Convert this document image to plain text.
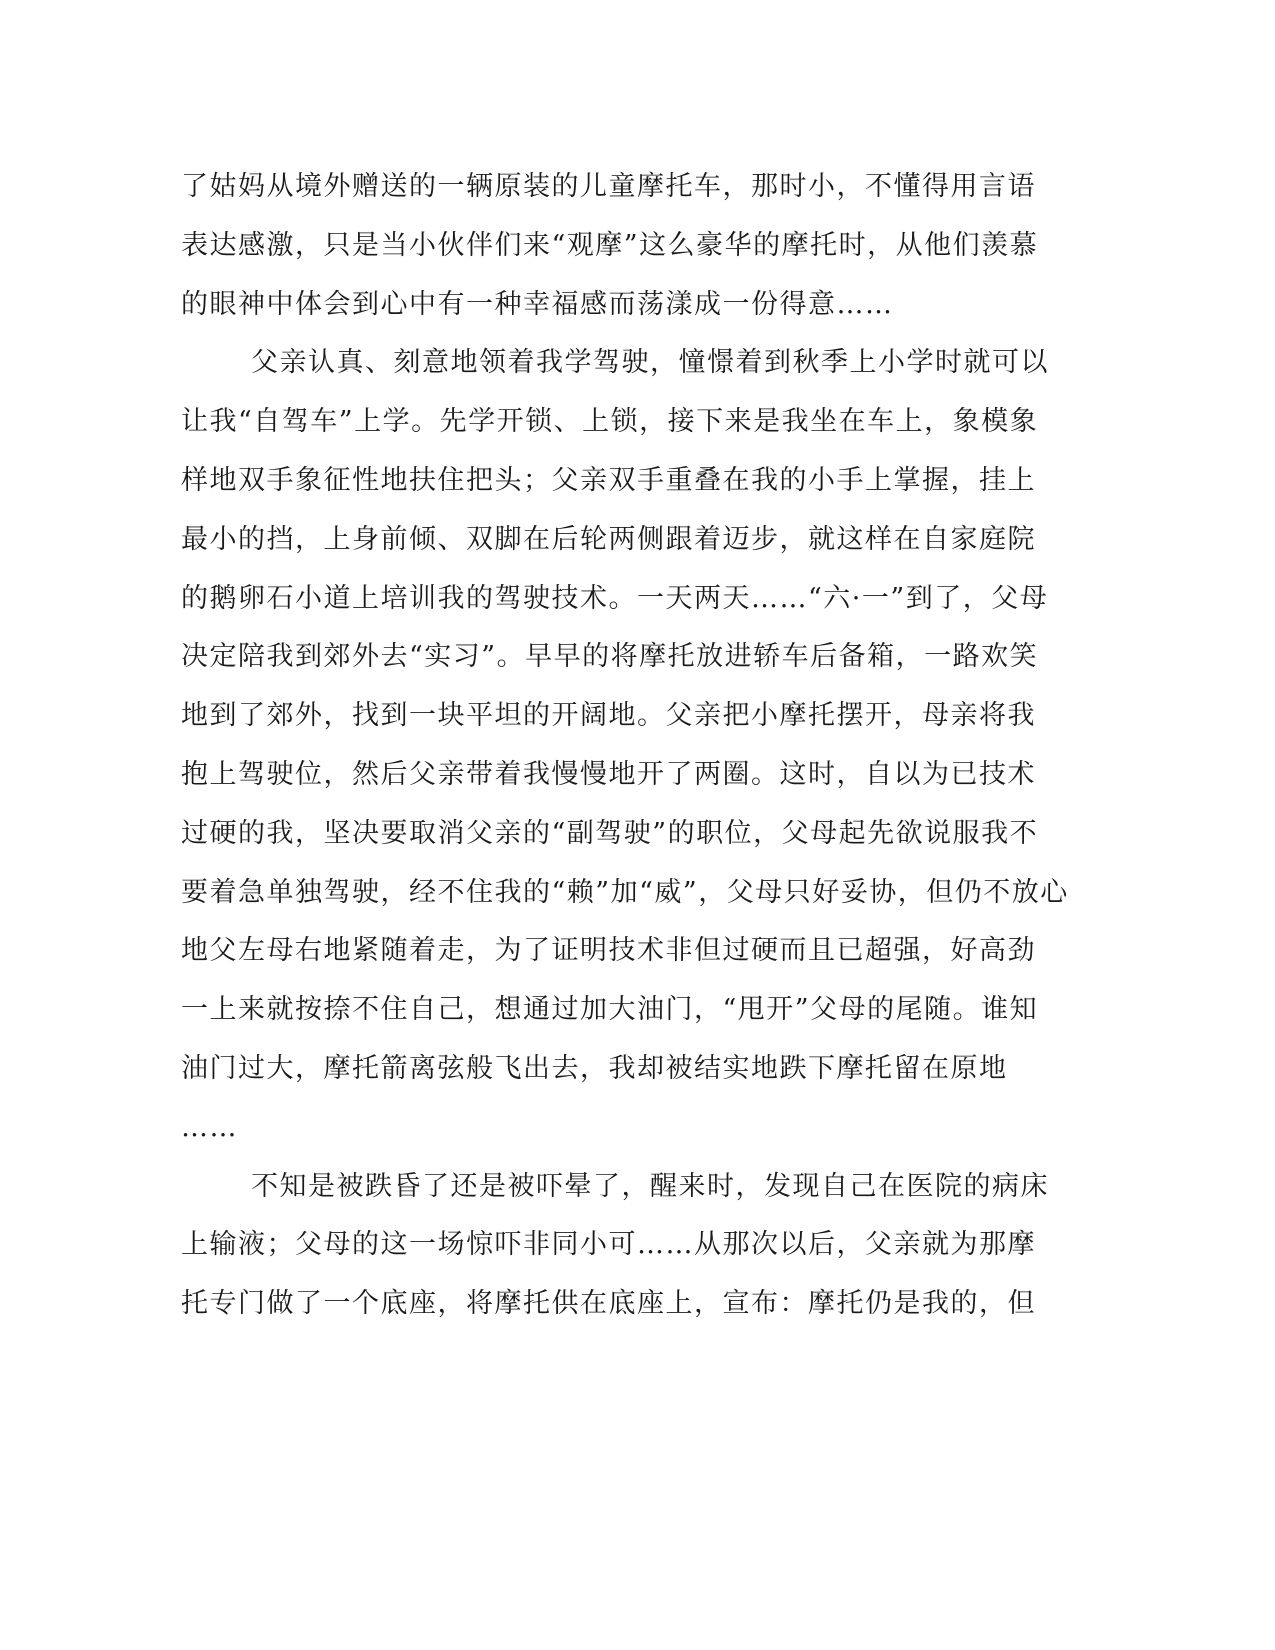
了姑妈从境外赠送的一辆原装的儿童摩托车，那时小，不懂得用言语
表达感激，只是当小伙伴们来“观摩”这么豪华的摩托时，从他们羡慕
的眼神中体会到心中有一种幸福感而荡漾成一份得意……
父亲认真、刻意地领着我学驾驶，憧憬着到秋季上小学时就可以
让我“自驾车”上学。先学开锁、上锁，接下来是我坐在车上，象模象
样地双手象征性地扶住把头；父亲双手重叠在我的小手上掌握，挂上
最小的挡，上身前倾、双脚在后轮两侧跟着迈步，就这样在自家庭院
的鹅卵石小道上培训我的驾驶技术。一天两天……“六·一”到了，父母
决定陪我到郊外去“实习”。早早的将摩托放进轿车后备箱，一路欢笑
地到了郊外，找到一块平坦的开阔地。父亲把小摩托摆开，母亲将我
抱上驾驶位，然后父亲带着我慢慢地开了两圈。这时，自以为已技术
过硬的我，坚决要取消父亲的“副驾驶”的职位，父母起先欲说服我不
要着急单独驾驶，经不住我的“赖”加“威”，父母只好妥协，但仍不放心
地父左母右地紧随着走，为了证明技术非但过硬而且已超强，好高劲
一上来就按捺不住自己，想通过加大油门，“甩开”父母的尾随。谁知
油门过大，摩托箭离弦般飞出去，我却被结实地跌下摩托留在原地
……
不知是被跌昏了还是被吓晕了，醒来时，发现自己在医院的病床
上输液；父母的这一场惊吓非同小可……从那次以后，父亲就为那摩
托专门做了一个底座，将摩托供在底座上，宣布：摩托仍是我的，但
